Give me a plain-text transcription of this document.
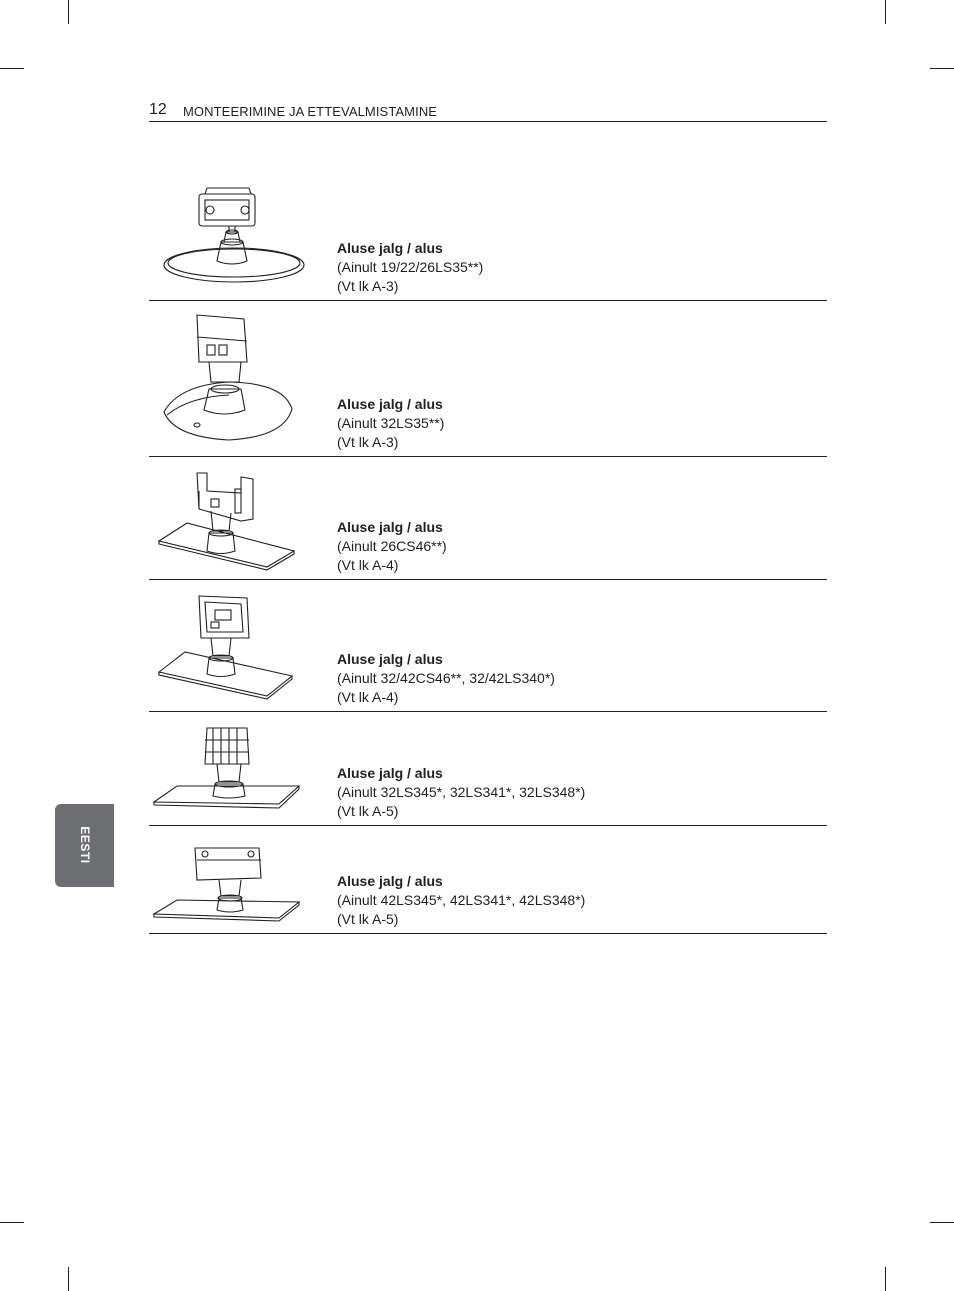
12 MONTEERIMINE JA ETTEVALMISTAMINE
EESTI
Aluse jalg / alus
(Ainult 19/22/26LS35**)
(Vt lk A-3)
Aluse jalg / alus
(Ainult 32LS35**)
(Vt lk A-3)
Aluse jalg / alus
(Ainult 26CS46**)
(Vt lk A-4)
Aluse jalg / alus
(Ainult 32/42CS46**, 32/42LS340*)
(Vt lk A-4)
Aluse jalg / alus
(Ainult 32LS345*, 32LS341*, 32LS348*)
(Vt lk A-5)
Aluse jalg / alus
(Ainult 42LS345*, 42LS341*, 42LS348*)
(Vt lk A-5)
